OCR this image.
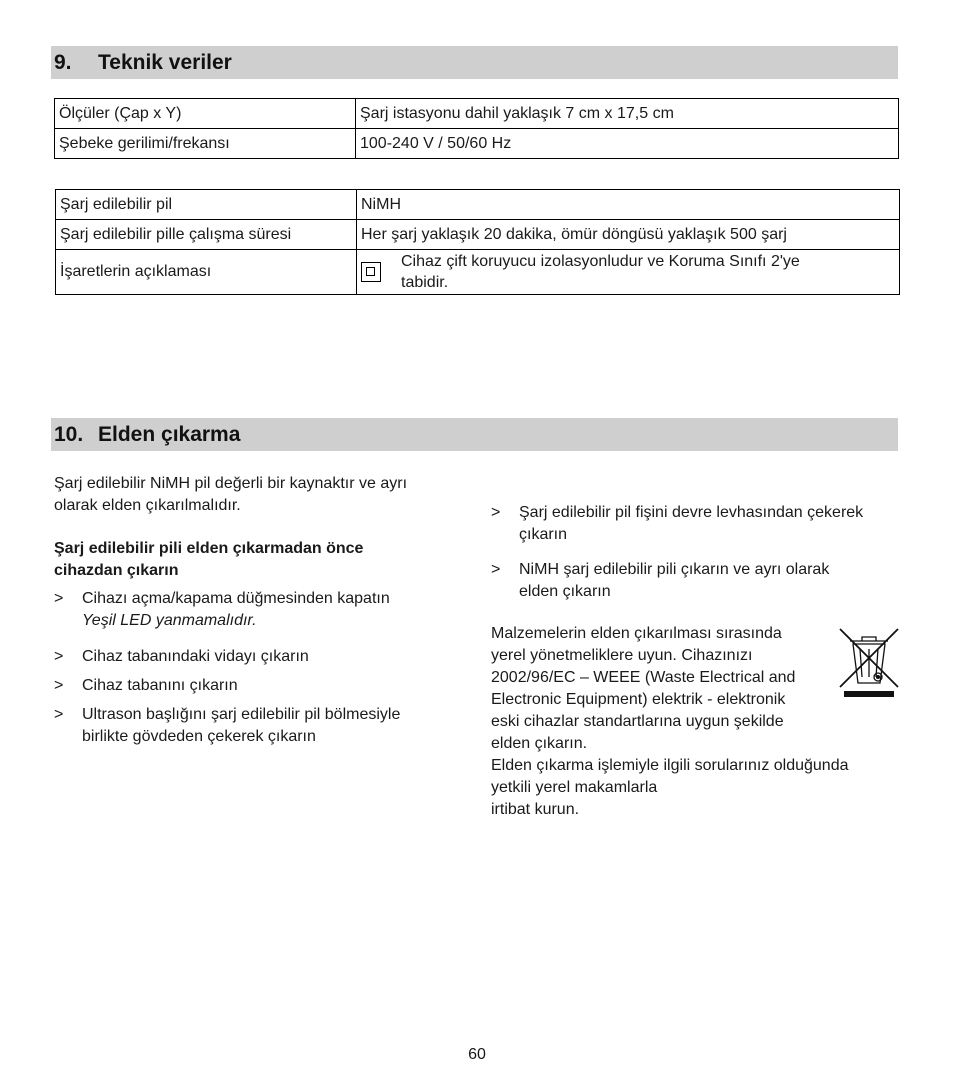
9. Teknik veriler
Ölçüler (Çap x Y)	Şarj istasyonu dahil yaklaşık 7 cm x 17,5 cm
Şebeke gerilimi/frekansı	100-240 V / 50/60 Hz
Şarj edilebilir pil	NiMH
Şarj edilebilir pille çalışma süresi	Her şarj yaklaşık 20 dakika, ömür döngüsü yaklaşık 500 şarj
İşaretlerin açıklaması	Cihaz çift koruyucu izolasyonludur ve Koruma Sınıfı 2'ye
tabidir.
10. Elden çıkarma
Şarj edilebilir NiMH pil değerli bir kaynaktır ve ayrı
olarak elden çıkarılmalıdır.
Şarj edilebilir pili elden çıkarmadan önce
cihazdan çıkarın
> Cihazı açma/kapama düğmesinden kapatın
Yeşil LED yanmamalıdır.
> Cihaz tabanındaki vidayı çıkarın
> Cihaz tabanını çıkarın
> Ultrason başlığını şarj edilebilir pil bölmesiyle
birlikte gövdeden çekerek çıkarın
> Şarj edilebilir pil fişini devre levhasından çekerek
çıkarın
> NiMH şarj edilebilir pili çıkarın ve ayrı olarak
elden çıkarın
Malzemelerin elden çıkarılması sırasında
yerel yönetmeliklere uyun. Cihazınızı
2002/96/EC – WEEE (Waste Electrical and
Electronic Equipment) elektrik - elektronik
eski cihazlar standartlarına uygun şekilde
elden çıkarın.
Elden çıkarma işlemiyle ilgili sorularınız olduğunda
yetkili yerel makamlarla
irtibat kurun.
60
